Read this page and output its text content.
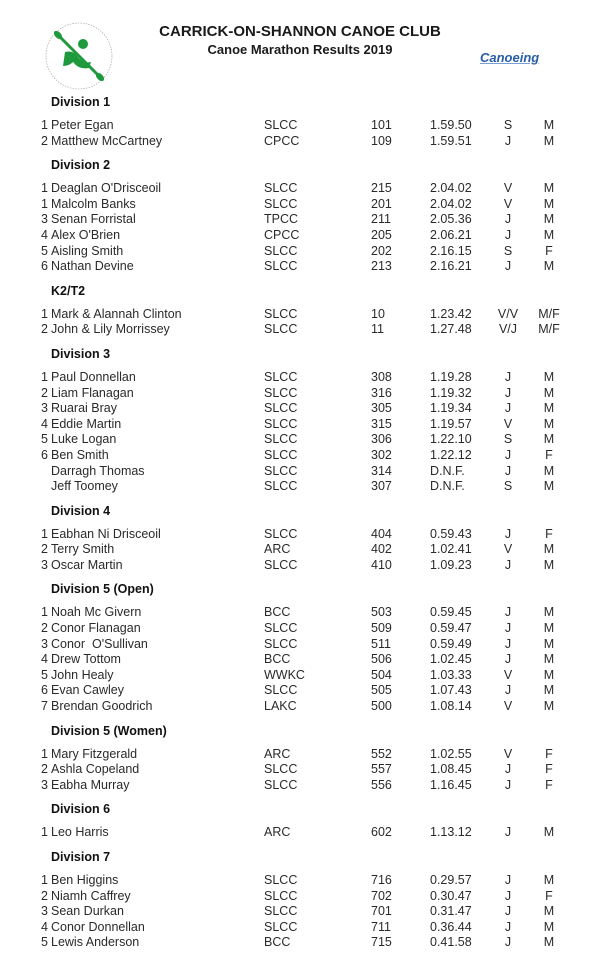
CARRICK-ON-SHANNON CANOE CLUB
Canoe Marathon Results 2019
Canoeing
Division 1
1 Peter Egan	SLCC	101	1.59.50	S	M
2 Matthew McCartney	CPCC	109	1.59.51	J	M
Division 2
1 Deaglan O'Drisceoil	SLCC	215	2.04.02	V	M
1 Malcolm Banks	SLCC	201	2.04.02	V	M
3 Senan Forristal	TPCC	211	2.05.36	J	M
4 Alex O'Brien	CPCC	205	2.06.21	J	M
5 Aisling Smith	SLCC	202	2.16.15	S	F
6 Nathan Devine	SLCC	213	2.16.21	J	M
K2/T2
1 Mark & Alannah Clinton	SLCC	10	1.23.42 V/V M/F
2 John & Lily Morrissey	SLCC	11	1.27.48 V/J M/F
Division 3
1 Paul Donnellan	SLCC	308	1.19.28	J	M
2 Liam Flanagan	SLCC	316	1.19.32	J	M
3 Ruarai Bray	SLCC	305	1.19.34	J	M
4 Eddie Martin	SLCC	315	1.19.57	V	M
5 Luke Logan	SLCC	306	1.22.10	S	M
6 Ben Smith	SLCC	302	1.22.12	J	F
Darragh Thomas	SLCC	314	D.N.F.	J	M
Jeff Toomey	SLCC	307	D.N.F.	S	M
Division 4
1 Eabhan Ni Drisceoil	SLCC	404	0.59.43	J	F
2 Terry Smith	ARC	402	1.02.41	V	M
3 Oscar Martin	SLCC	410	1.09.23	J	M
Division 5 (Open)
1 Noah Mc Givern	BCC	503	0.59.45	J	M
2 Conor Flanagan	SLCC	509	0.59.47	J	M
3 Conor  O'Sullivan	SLCC	511	0.59.49	J	M
4 Drew Tottom	BCC	506	1.02.45	J	M
5 John Healy	WWKC	504	1.03.33	V	M
6 Evan Cawley	SLCC	505	1.07.43	J	M
7 Brendan Goodrich	LAKC	500	1.08.14	V	M
Division 5 (Women)
1 Mary Fitzgerald	ARC	552	1.02.55	V	F
2 Ashla Copeland	SLCC	557	1.08.45	J	F
3 Eabha Murray	SLCC	556	1.16.45	J	F
Division 6
1 Leo Harris	ARC	602	1.13.12	J	M
Division 7
1 Ben Higgins	SLCC	716	0.29.57	J	M
2 Niamh Caffrey	SLCC	702	0.30.47	J	F
3 Sean Durkan	SLCC	701	0.31.47	J	M
4 Conor Donnellan	SLCC	711	0.36.44	J	M
5 Lewis Anderson	BCC	715	0.41.58	J	M
